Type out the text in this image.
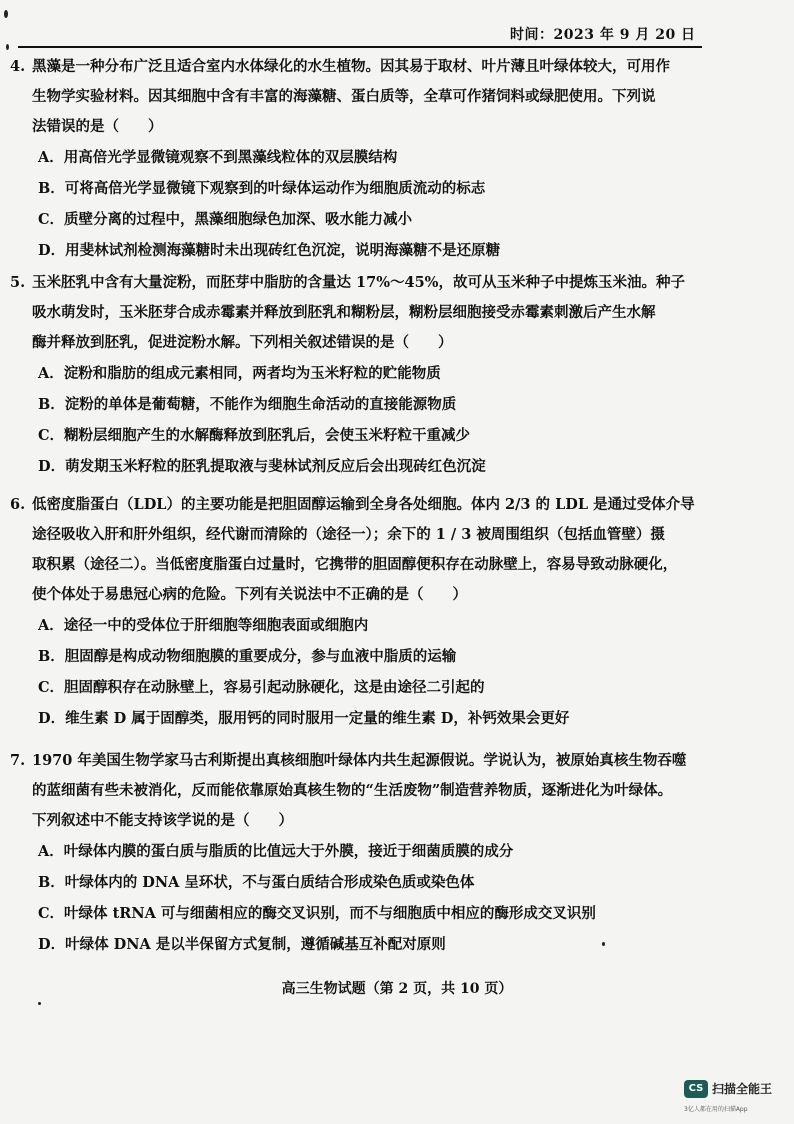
时间：2023 年 9 月 20 日
4. 黑藻是一种分布广泛且适合室内水体绿化的水生植物。因其易于取材、叶片薄且叶绿体较大，可用作
生物学实验材料。因其细胞中含有丰富的海藻糖、蛋白质等，全草可作猪饲料或绿肥使用。下列说
法错误的是（　　）
A．用高倍光学显微镜观察不到黑藻线粒体的双层膜结构
B．可将高倍光学显微镜下观察到的叶绿体运动作为细胞质流动的标志
C．质壁分离的过程中，黑藻细胞绿色加深、吸水能力减小
D．用斐林试剂检测海藻糖时未出现砖红色沉淀，说明海藻糖不是还原糖
5. 玉米胚乳中含有大量淀粉，而胚芽中脂肪的含量达 17%～45%，故可从玉米种子中提炼玉米油。种子
吸水萌发时，玉米胚芽合成赤霉素并释放到胚乳和糊粉层，糊粉层细胞接受赤霉素刺激后产生水解
酶并释放到胚乳，促进淀粉水解。下列相关叙述错误的是（　　）
A．淀粉和脂肪的组成元素相同，两者均为玉米籽粒的贮能物质
B．淀粉的单体是葡萄糖，不能作为细胞生命活动的直接能源物质
C．糊粉层细胞产生的水解酶释放到胚乳后，会使玉米籽粒干重减少
D．萌发期玉米籽粒的胚乳提取液与斐林试剂反应后会出现砖红色沉淀
6. 低密度脂蛋白（LDL）的主要功能是把胆固醇运输到全身各处细胞。体内 2/3 的 LDL 是通过受体介导
途径吸收入肝和肝外组织，经代谢而清除的（途径一）；余下的 1 / 3 被周围组织（包括血管壁）摄
取积累（途径二）。当低密度脂蛋白过量时，它携带的胆固醇便积存在动脉壁上，容易导致动脉硬化，
使个体处于易患冠心病的危险。下列有关说法中不正确的是（　　）
A．途径一中的受体位于肝细胞等细胞表面或细胞内
B．胆固醇是构成动物细胞膜的重要成分，参与血液中脂质的运输
C．胆固醇积存在动脉壁上，容易引起动脉硬化，这是由途径二引起的
D．维生素 D 属于固醇类，服用钙的同时服用一定量的维生素 D，补钙效果会更好
7. 1970 年美国生物学家马古利斯提出真核细胞叶绿体内共生起源假说。学说认为，被原始真核生物吞噬
的蓝细菌有些未被消化，反而能依靠原始真核生物的“生活废物”制造营养物质，逐渐进化为叶绿体。
下列叙述中不能支持该学说的是（　　）
A．叶绿体内膜的蛋白质与脂质的比值远大于外膜，接近于细菌质膜的成分
B．叶绿体内的 DNA 呈环状，不与蛋白质结合形成染色质或染色体
C．叶绿体 tRNA 可与细菌相应的酶交叉识别，而不与细胞质中相应的酶形成交叉识别
D．叶绿体 DNA 是以半保留方式复制，遵循碱基互补配对原则
高三生物试题（第 2 页，共 10 页）
CS 扫描全能王
3亿人都在用的扫描App
